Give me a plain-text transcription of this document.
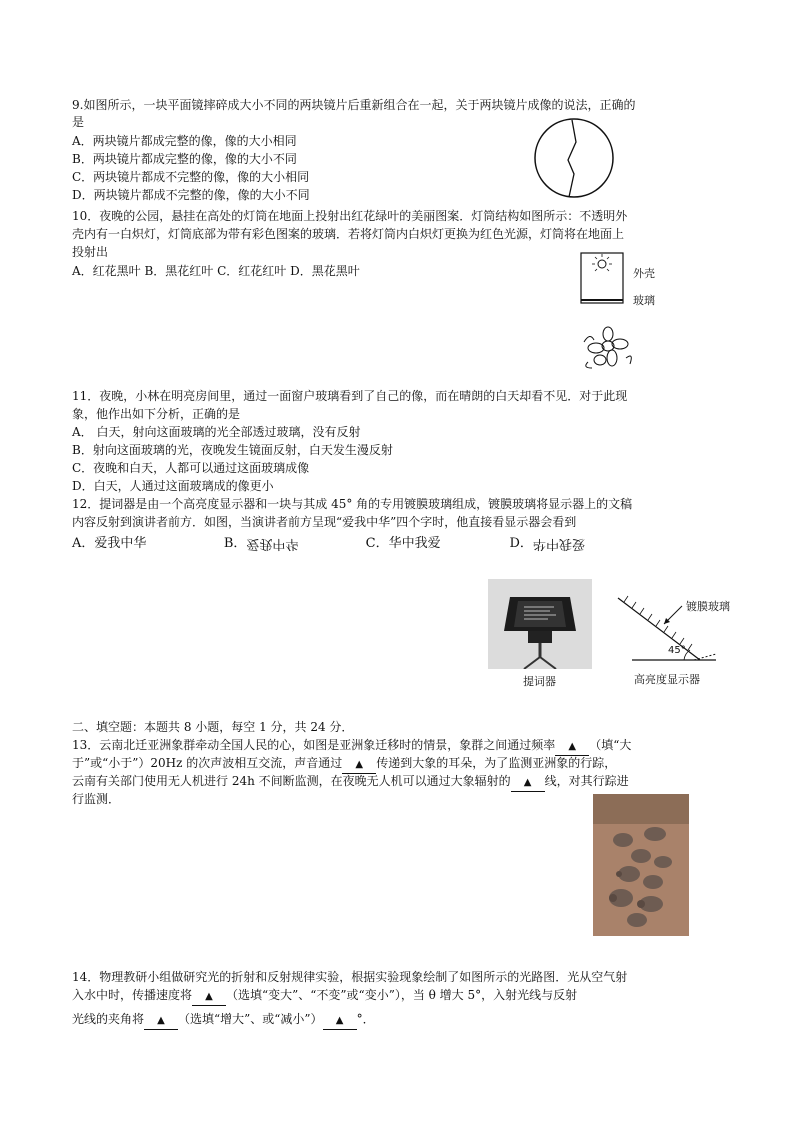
9.如图所示，一块平面镜摔碎成大小不同的两块镜片后重新组合在一起，关于两块镜片成像的说法，正确的
是
A．两块镜片都成完整的像，像的大小相同
B．两块镜片都成完整的像，像的大小不同
C．两块镜片都成不完整的像，像的大小相同
D．两块镜片都成不完整的像，像的大小不同
10．夜晚的公园，悬挂在高处的灯筒在地面上投射出红花绿叶的美丽图案．灯筒结构如图所示：不透明外
壳内有一白炽灯，灯筒底部为带有彩色图案的玻璃．若将灯筒内白炽灯更换为红色光源，灯筒将在地面上
投射出
A．红花黑叶 B．黑花红叶 C．红花红叶 D．黑花黑叶	外壳
玻璃
11．夜晚，小林在明亮房间里，通过一面窗户玻璃看到了自己的像，而在晴朗的白天却看不见．对于此现
象，他作出如下分析，正确的是
A． 白天，射向这面玻璃的光全部透过玻璃，没有反射
B．射向这面玻璃的光，夜晚发生镜面反射，白天发生漫反射
C．夜晚和白天，人都可以通过这面玻璃成像
D．白天，人通过这面玻璃成的像更小
12．提词器是由一个高亮度显示器和一块与其成 45° 角的专用镀膜玻璃组成，镀膜玻璃将显示器上的文稿
内容反射到演讲者前方．如图，当演讲者前方呈现“爱我中华”四个字时，他直接看显示器会看到
A．爱我中华	B．爱我中华	C．华中我爱	D．爱我中华
提词器
镀膜玻璃
45°
高亮度显示器
二、填空题：本题共 8 小题，每空 1 分，共 24 分．
13．云南北迁亚洲象群牵动全国人民的心，如图是亚洲象迁移时的情景，象群之间通过频率 ▲ （填“大
于”或“小于”）20Hz 的次声波相互交流，声音通过 ▲ 传递到大象的耳朵，为了监测亚洲象的行踪，
云南有关部门使用无人机进行 24h 不间断监测，在夜晚无人机可以通过大象辐射的 ▲ 线，对其行踪进
行监测．
14．物理教研小组做研究光的折射和反射规律实验，根据实验现象绘制了如图所示的光路图．光从空气射
入水中时，传播速度将 ▲ （选填“变大”、“不变”或“变小”），当 θ 增大 5°，入射光线与反射
光线的夹角将 ▲ （选填“增大”、或“减小”） ▲ °．
